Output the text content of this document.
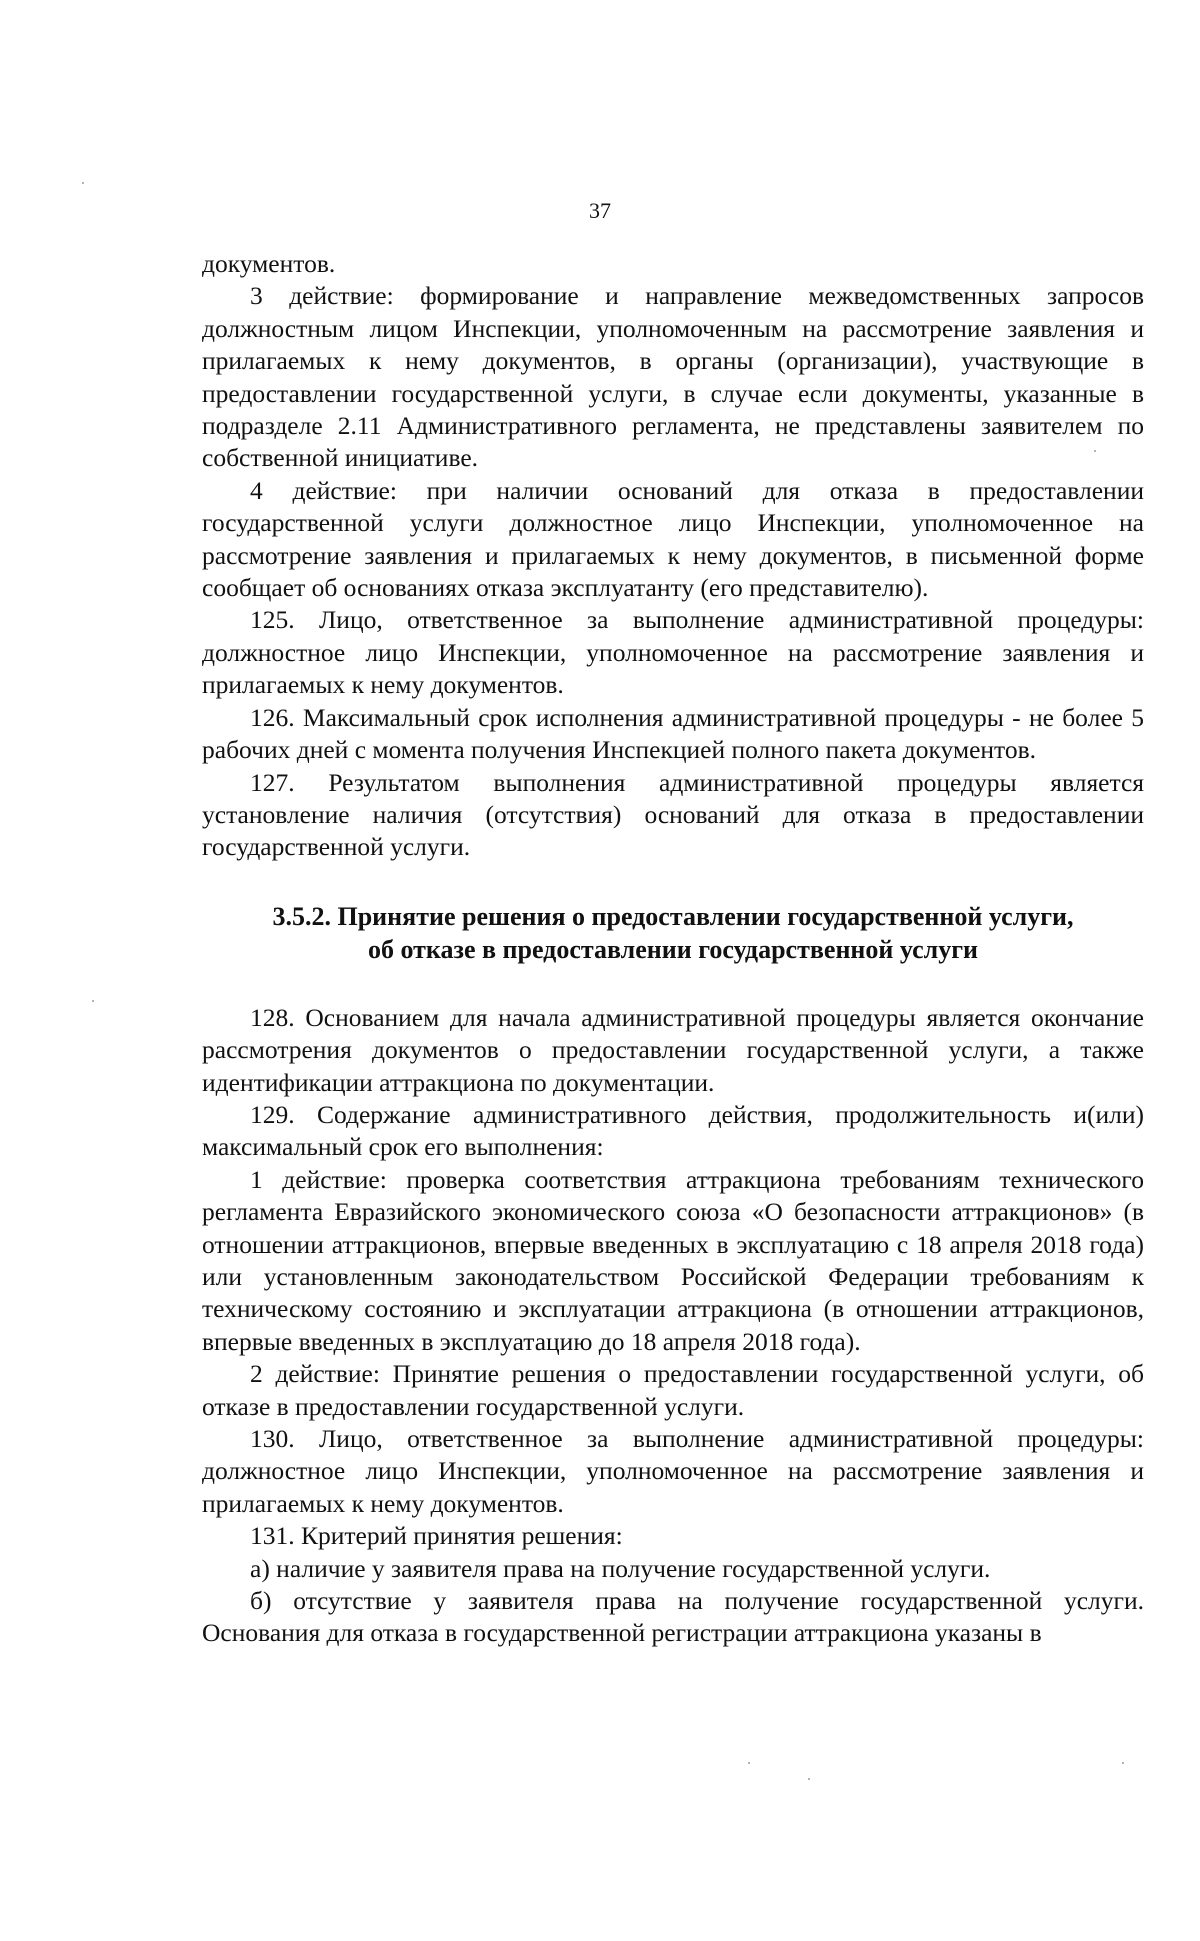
37

документов.

3 действие: формирование и направление межведомственных запросов должностным лицом Инспекции, уполномоченным на рассмотрение заявления и прилагаемых к нему документов, в органы (организации), участвующие в предоставлении государственной услуги, в случае если документы, указанные в подразделе 2.11 Административного регламента, не представлены заявителем по собственной инициативе.

4 действие: при наличии оснований для отказа в предоставлении государственной услуги должностное лицо Инспекции, уполномоченное на рассмотрение заявления и прилагаемых к нему документов, в письменной форме сообщает об основаниях отказа эксплуатанту (его представителю).

125. Лицо, ответственное за выполнение административной процедуры: должностное лицо Инспекции, уполномоченное на рассмотрение заявления и прилагаемых к нему документов.

126. Максимальный срок исполнения административной процедуры - не более 5 рабочих дней с момента получения Инспекцией полного пакета документов.

127. Результатом выполнения административной процедуры является установление наличия (отсутствия) оснований для отказа в предоставлении государственной услуги.

3.5.2. Принятие решения о предоставлении государственной услуги,
об отказе в предоставлении государственной услуги

128. Основанием для начала административной процедуры является окончание рассмотрения документов о предоставлении государственной услуги, а также идентификации аттракциона по документации.

129. Содержание административного действия, продолжительность и(или) максимальный срок его выполнения:

1 действие: проверка соответствия аттракциона требованиям технического регламента Евразийского экономического союза «О безопасности аттракционов» (в отношении аттракционов, впервые введенных в эксплуатацию с 18 апреля 2018 года) или установленным законодательством Российской Федерации требованиям к техническому состоянию и эксплуатации аттракциона (в отношении аттракционов, впервые введенных в эксплуатацию до 18 апреля 2018 года).

2 действие: Принятие решения о предоставлении государственной услуги, об отказе в предоставлении государственной услуги.

130. Лицо, ответственное за выполнение административной процедуры: должностное лицо Инспекции, уполномоченное на рассмотрение заявления и прилагаемых к нему документов.

131. Критерий принятия решения:

а) наличие у заявителя права на получение государственной услуги.

б) отсутствие у заявителя права на получение государственной услуги. Основания для отказа в государственной регистрации аттракциона указаны в
